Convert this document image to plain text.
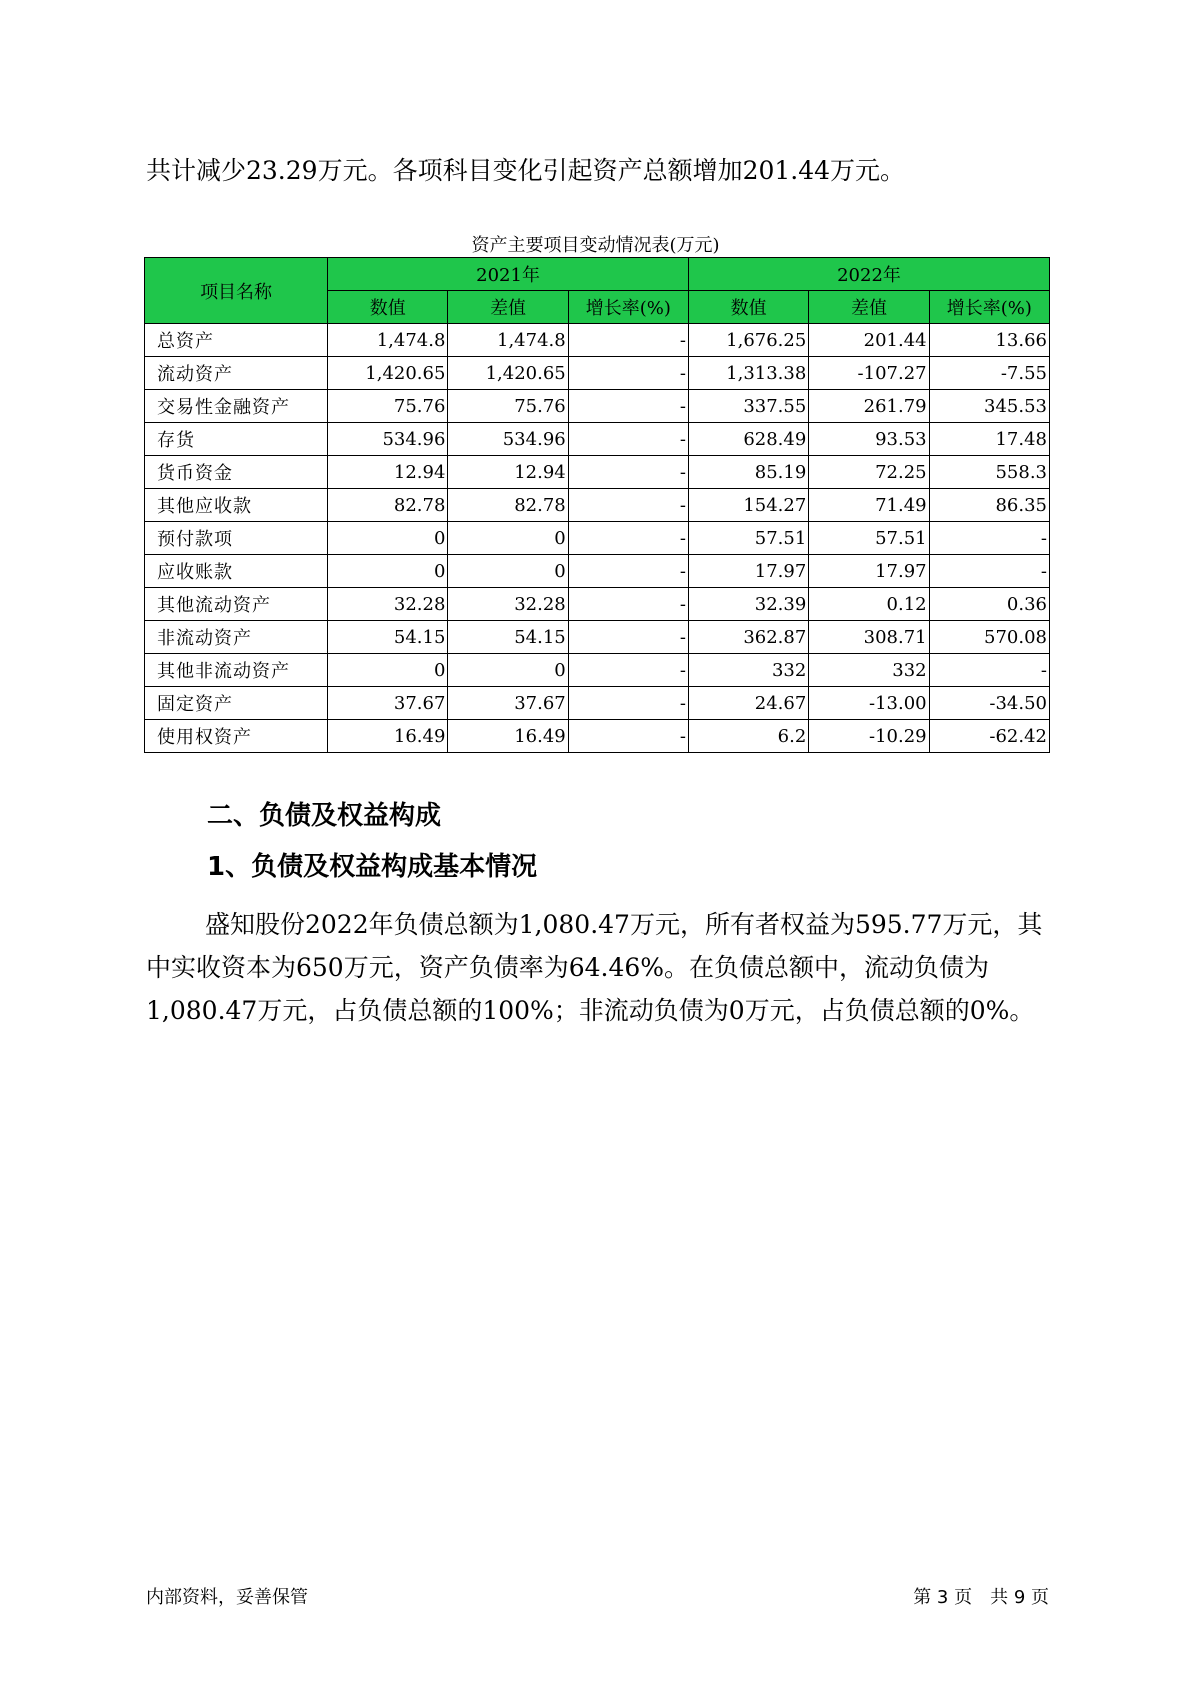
共计减少23.29万元。各项科目变化引起资产总额增加201.44万元。

资产主要项目变动情况表(万元)
项目名称	2021年			2022年		
	数值	差值	增长率(%)	数值	差值	增长率(%)
总资产	1,474.8	1,474.8	-	1,676.25	201.44	13.66
流动资产	1,420.65	1,420.65	-	1,313.38	-107.27	-7.55
交易性金融资产	75.76	75.76	-	337.55	261.79	345.53
存货	534.96	534.96	-	628.49	93.53	17.48
货币资金	12.94	12.94	-	85.19	72.25	558.3
其他应收款	82.78	82.78	-	154.27	71.49	86.35
预付款项	0	0	-	57.51	57.51	-
应收账款	0	0	-	17.97	17.97	-
其他流动资产	32.28	32.28	-	32.39	0.12	0.36
非流动资产	54.15	54.15	-	362.87	308.71	570.08
其他非流动资产	0	0	-	332	332	-
固定资产	37.67	37.67	-	24.67	-13.00	-34.50
使用权资产	16.49	16.49	-	6.2	-10.29	-62.42
二、负债及权益构成
1、负债及权益构成基本情况

盛知股份2022年负债总额为1,080.47万元，所有者权益为595.77万元，其中实收资本为650万元，资产负债率为64.46%。在负债总额中，流动负债为1,080.47万元，占负债总额的100%；非流动负债为0万元，占负债总额的0%。

内部资料，妥善保管	第 3 页　共 9 页
